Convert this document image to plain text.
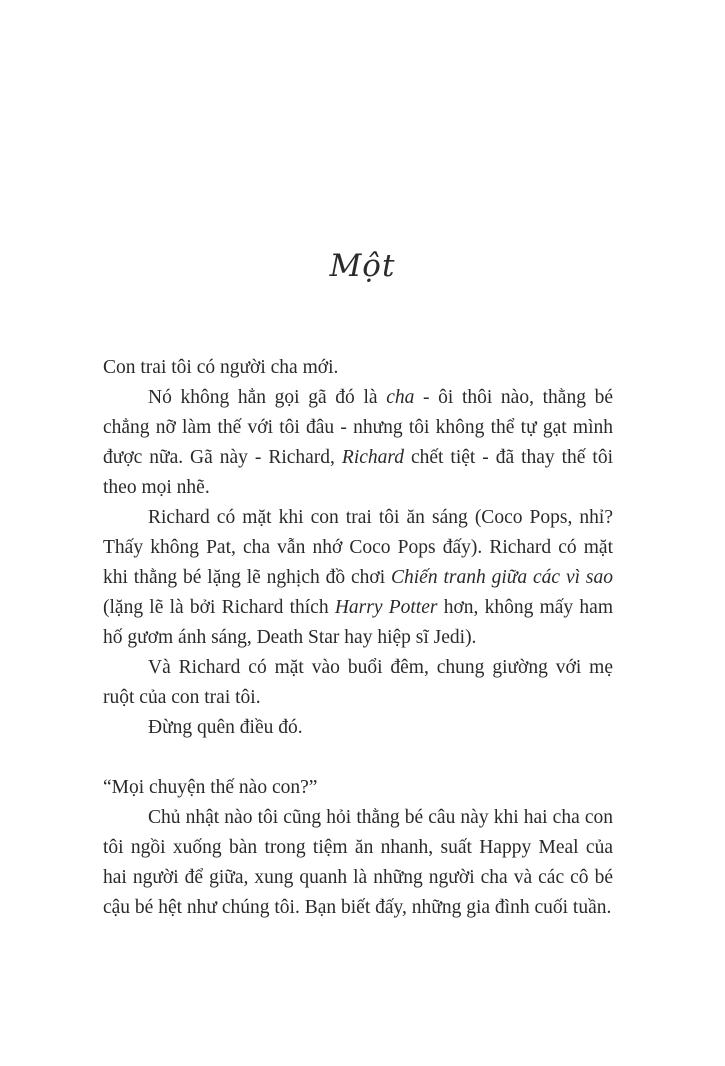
Một

Con trai tôi có người cha mới.

Nó không hẳn gọi gã đó là cha - ôi thôi nào, thằng bé chẳng nỡ làm thế với tôi đâu - nhưng tôi không thể tự gạt mình được nữa. Gã này - Richard, Richard chết tiệt - đã thay thế tôi theo mọi nhẽ.

Richard có mặt khi con trai tôi ăn sáng (Coco Pops, nhỉ? Thấy không Pat, cha vẫn nhớ Coco Pops đấy). Richard có mặt khi thằng bé lặng lẽ nghịch đồ chơi Chiến tranh giữa các vì sao (lặng lẽ là bởi Richard thích Harry Potter hơn, không mấy ham hố gươm ánh sáng, Death Star hay hiệp sĩ Jedi).

Và Richard có mặt vào buổi đêm, chung giường với mẹ ruột của con trai tôi.

Đừng quên điều đó.

“Mọi chuyện thế nào con?”

Chủ nhật nào tôi cũng hỏi thằng bé câu này khi hai cha con tôi ngồi xuống bàn trong tiệm ăn nhanh, suất Happy Meal của hai người để giữa, xung quanh là những người cha và các cô bé cậu bé hệt như chúng tôi. Bạn biết đấy, những gia đình cuối tuần.
